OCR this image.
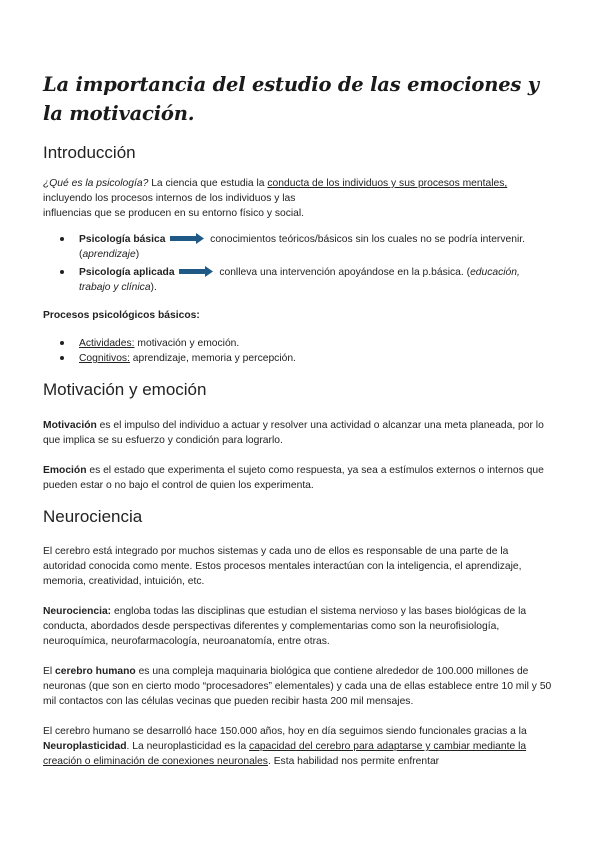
La importancia del estudio de las emociones y la motivación.
Introducción

¿Qué es la psicología? La ciencia que estudia la conducta de los individuos y sus procesos mentales, incluyendo los procesos internos de los individuos y las
influencias que se producen en su entorno físico y social.

Psicología básica	conocimientos teóricos/básicos sin los cuales no se podría intervenir. (aprendizaje)
Psicología aplicada	conlleva una intervención apoyándose en la p.básica. (educación, trabajo y clínica).

Procesos psicológicos básicos:

Actividades: motivación y emoción.
Cognitivos: aprendizaje, memoria y percepción.
Motivación y emoción

Motivación es el impulso del individuo a actuar y resolver una actividad o alcanzar una meta planeada, por lo que implica se su esfuerzo y condición para lograrlo.

Emoción es el estado que experimenta el sujeto como respuesta, ya sea a estímulos externos o internos que pueden estar o no bajo el control de quien los experimenta.

Neurociencia

El cerebro está integrado por muchos sistemas y cada uno de ellos es responsable de una parte de la autoridad conocida como mente. Estos procesos mentales interactúan con la inteligencia, el aprendizaje, memoria, creatividad, intuición, etc.

Neurociencia: engloba todas las disciplinas que estudian el sistema nervioso y las bases biológicas de la conducta, abordados desde perspectivas diferentes y complementarias como son la neurofisiología, neuroquímica, neurofarmacología, neuroanatomía, entre otras.

El cerebro humano es una compleja maquinaria biológica que contiene alrededor de 100.000 millones de neuronas (que son en cierto modo “procesadores” elementales) y cada una de ellas establece entre 10 mil y 50 mil contactos con las células vecinas que pueden recibir hasta 200 mil mensajes.

El cerebro humano se desarrolló hace 150.000 años, hoy en día seguimos siendo funcionales gracias a la Neuroplasticidad. La neuroplasticidad es la capacidad del cerebro para adaptarse y cambiar mediante la creación o eliminación de conexiones neuronales. Esta habilidad nos permite enfrentar
